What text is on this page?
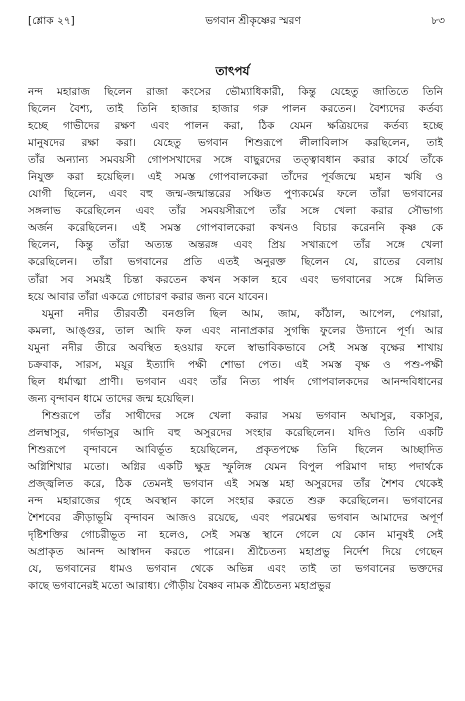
[শ্লোক ২৭]	ভগবান শ্রীকৃষ্ণের স্মরণ	৮৩
তাৎপর্য

নন্দ মহারাজ ছিলেন রাজা কংসের ভৌম্যাধিকারী, কিন্তু যেহেতু জাতিতে তিনি
ছিলেন বৈশ্য, তাই তিনি হাজার হাজার গরু পালন করতেন। বৈশ্যদের কর্তব্য
হচ্ছে গাভীদের রক্ষণ এবং পালন করা, ঠিক যেমন ক্ষত্রিয়দের কর্তব্য হচ্ছে
মানুষদের রক্ষা করা। যেহেতু ভগবান শিশুরূপে লীলাবিলাস করছিলেন, তাই
তাঁর অন্যান্য সমবয়সী গোপসখাদের সঙ্গে বাছুরদের তত্ত্বাবধান করার কার্যে তাঁকে
নিযুক্ত করা হয়েছিল। এই সমস্ত গোপবালকেরা তাঁদের পূর্বজন্মে মহান ঋষি ও
যোগী ছিলেন, এবং বহু জন্ম-জন্মান্তরের সঞ্চিত পুণ্যকর্মের ফলে তাঁরা ভগবানের
সঙ্গলাভ করেছিলেন এবং তাঁর সমবয়সীরূপে তাঁর সঙ্গে খেলা করার সৌভাগ্য
অর্জন করেছিলেন। এই সমস্ত গোপবালকেরা কখনও বিচার করেননি কৃষ্ণ কে
ছিলেন, কিন্তু তাঁরা অত্যন্ত অন্তরঙ্গ এবং প্রিয় সখারূপে তাঁর সঙ্গে খেলা
করেছিলেন। তাঁরা ভগবানের প্রতি এতই অনুরক্ত ছিলেন যে, রাতের বেলায়
তাঁরা সব সময়ই চিন্তা করতেন কখন সকাল হবে এবং ভগবানের সঙ্গে মিলিত
হয়ে আবার তাঁরা একত্রে গোচারণ করার জন্য বনে যাবেন।

যমুনা নদীর তীরবর্তী বনগুলি ছিল আম, জাম, কাঁঠাল, আপেল, পেয়ারা,
কমলা, আঙ্গুর, তাল আদি ফল এবং নানাপ্রকার সুগন্ধি ফুলের উদ্যানে পূর্ণ। আর
যমুনা নদীর তীরে অবস্থিত হওয়ার ফলে স্বাভাবিকভাবে সেই সমস্ত বৃক্ষের শাখায়
চক্রবাক, সারস, ময়ূর ইত্যাদি পক্ষী শোভা পেত। এই সমস্ত বৃক্ষ ও পশু-পক্ষী
ছিল ধর্মাত্মা প্রাণী। ভগবান এবং তাঁর নিত্য পার্ষদ গোপবালকদের আনন্দবিধানের
জন্য বৃন্দাবন ধামে তাদের জন্ম হয়েছিল।

শিশুরূপে তাঁর সাথীদের সঙ্গে খেলা করার সময় ভগবান অঘাসুর, বকাসুর,
প্রলম্বাসুর, গর্দভাসুর আদি বহু অসুরদের সংহার করেছিলেন। যদিও তিনি একটি
শিশুরূপে বৃন্দাবনে আবির্ভূত হয়েছিলেন, প্রকৃতপক্ষে তিনি ছিলেন আচ্ছাদিত
অগ্নিশিখার মতো। অগ্নির একটি ক্ষুদ্র স্ফুলিঙ্গ যেমন বিপুল পরিমাণ দাহ্য পদার্থকে
প্রজ্জ্বলিত করে, ঠিক তেমনই ভগবান এই সমস্ত মহা অসুরদের তাঁর শৈশব থেকেই
নন্দ মহারাজের গৃহে অবস্থান কালে সংহার করতে শুরু করেছিলেন। ভগবানের
শৈশবের ক্রীড়াভূমি বৃন্দাবন আজও রয়েছে, এবং পরমেশ্বর ভগবান আমাদের অপূর্ণ
দৃষ্টিশক্তির গোচরীভূত না হলেও, সেই সমস্ত স্থানে গেলে যে কোন মানুষই সেই
অপ্রাকৃত আনন্দ আস্বাদন করতে পারেন। শ্রীচৈতন্য মহাপ্রভু নির্দেশ দিয়ে গেছেন
যে, ভগবানের ধামও ভগবান থেকে অভিন্ন এবং তাই তা ভগবানের ভক্তদের
কাছে ভগবানেরই মতো আরাধ্য। গৌড়ীয় বৈষ্ণব নামক শ্রীচৈতন্য মহাপ্রভুর
